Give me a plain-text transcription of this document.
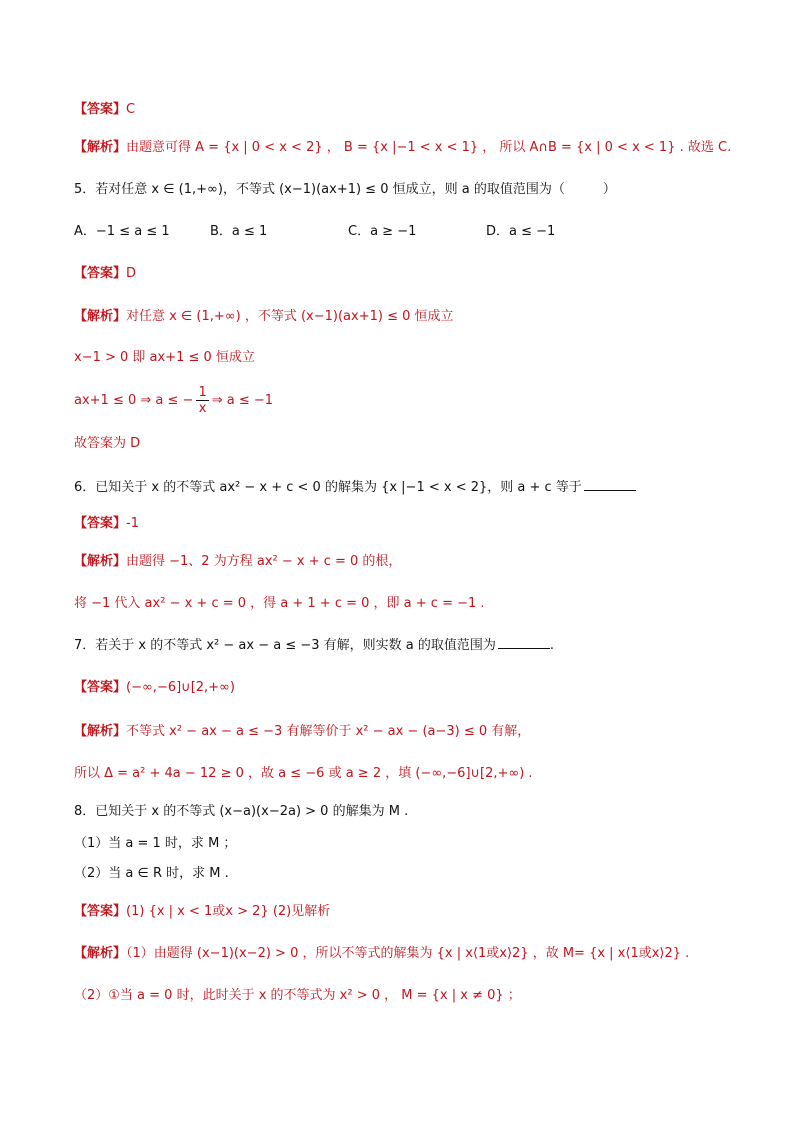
【答案】C
【解析】由题意可得 A = {x | 0 < x < 2} ， B = {x |−1 < x < 1} ， 所以 A∩B = {x | 0 < x < 1} . 故选 C.
5．若对任意 x ∈ (1,+∞)，不等式 (x−1)(ax+1) ≤ 0 恒成立，则 a 的取值范围为（	）
A．−1 ≤ a ≤ 1	B．a ≤ 1	C．a ≥ −1	D．a ≤ −1
【答案】D
【解析】对任意 x ∈ (1,+∞) ，不等式 (x−1)(ax+1) ≤ 0 恒成立
x−1 > 0 即 ax+1 ≤ 0 恒成立
ax+1 ≤ 0 ⇒ a ≤ − $\frac{1}{x}$ ⇒ a ≤ −1
故答案为 D
6．已知关于 x 的不等式 ax² − x + c < 0 的解集为 {x |−1 < x < 2}，则 a + c 等于
【答案】-1
【解析】由题得 −1、2 为方程 ax² − x + c = 0 的根，
将 −1 代入 ax² − x + c = 0 ，得 a + 1 + c = 0 ，即 a + c = −1 .
7．若关于 x 的不等式 x² − ax − a ≤ −3 有解，则实数 a 的取值范围为	.
【答案】(−∞,−6]∪[2,+∞)
【解析】不等式 x² − ax − a ≤ −3 有解等价于 x² − ax − (a−3) ≤ 0 有解，
所以 Δ = a² + 4a − 12 ≥ 0 ，故 a ≤ −6 或 a ≥ 2 ，填 (−∞,−6]∪[2,+∞) .
8．已知关于 x 的不等式 (x−a)(x−2a) > 0 的解集为 M .
（1）当 a = 1 时，求 M ；
（2）当 a ∈ R 时，求 M .
【答案】(1) {x | x < 1或x > 2} (2)见解析
【解析】（1）由题得 (x−1)(x−2) > 0 ，所以不等式的解集为 {x | x⟨1或x⟩2} ，故 M= {x | x⟨1或x⟩2} .
（2）①当 a = 0 时，此时关于 x 的不等式为 x² > 0 ， M = {x | x ≠ 0} ；
